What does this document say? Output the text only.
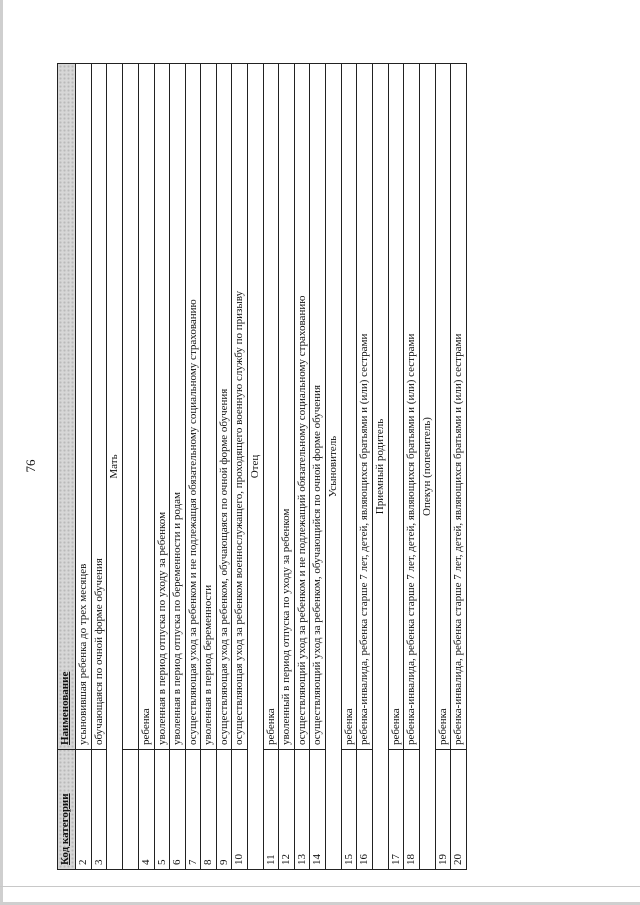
76
Код категории	Наименование
2	усыновившая ребенка до трех месяцев
3	обучающаяся по очной форме обучения
Мать	

4	ребенка
5	уволенная в период отпуска по уходу за ребенком
6	уволенная в период отпуска по беременности и родам
7	осуществляющая уход за ребенком и не подлежащая обязательному социальному страхованию
8	уволенная в период беременности
9	осуществляющая уход за ребенком, обучающаяся по очной форме обучения
10	осуществляющая уход за ребенком военнослужащего, проходящего военную службу по призыву
Отец	
11	ребенка
12	уволенный в период отпуска по уходу за ребенком
13	осуществляющий уход за ребенком и не подлежащий обязательному социальному страхованию
14	осуществляющий уход за ребенком, обучающийся по очной форме обучения
Усыновитель	
15	ребенка
16	ребенка-инвалида, ребенка старше 7 лет, детей, являющихся братьями и (или) сестрами
Приемный родитель	
17	ребенка
18	ребенка-инвалида, ребенка старше 7 лет, детей, являющихся братьями и (или) сестрами
Опекун (попечитель)	
19	ребенка
20	ребенка-инвалида, ребенка старше 7 лет, детей, являющихся братьями и (или) сестрами
